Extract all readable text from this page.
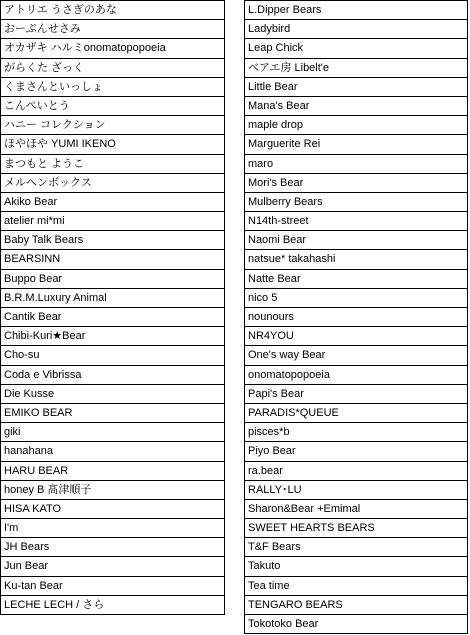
アトリエ うさぎのあな
おーぷんせさみ
オカザキ ハルミonomatopopoeia
がらくた ざっく
くまさんといっしょ
こんぺいとう
ハニー コレクション
ほやほや YUMI IKENO
まつもと ようこ
メルヘンボックス
Akiko Bear
atelier mi*mi
Baby Talk Bears
BEARSINN
Buppo Bear
B.R.M.Luxury Animal
Cantik Bear
Chibi-Kuri★Bear
Cho-su
Coda e Vibrissa
Die Kusse
EMIKO BEAR
giki
hanahana
HARU BEAR
honey B 髙津順子
HISA KATO
I'm
JH Bears
Jun Bear
Ku-tan Bear
LECHE LECH / さら
L.Dipper Bears
Ladybird
Leap Chick
ベアエ房 Libelt'e
Little Bear
Mana's Bear
maple drop
Marguerite Rei
maro
Mori's Bear
Mulberry Bears
N14th-street
Naomi Bear
natsue* takahashi
Natte Bear
nico 5
nounours
NR4YOU
One's way Bear
onomatopopoeia
Papi's Bear
PARADIS*QUEUE
pisces*b
Piyo Bear
ra.bear
RALLY･LU
Sharon&Bear +Emimal
SWEET HEARTS BEARS
T&F Bears
Takuto
Tea time
TENGARO BEARS
Tokotoko Bear
